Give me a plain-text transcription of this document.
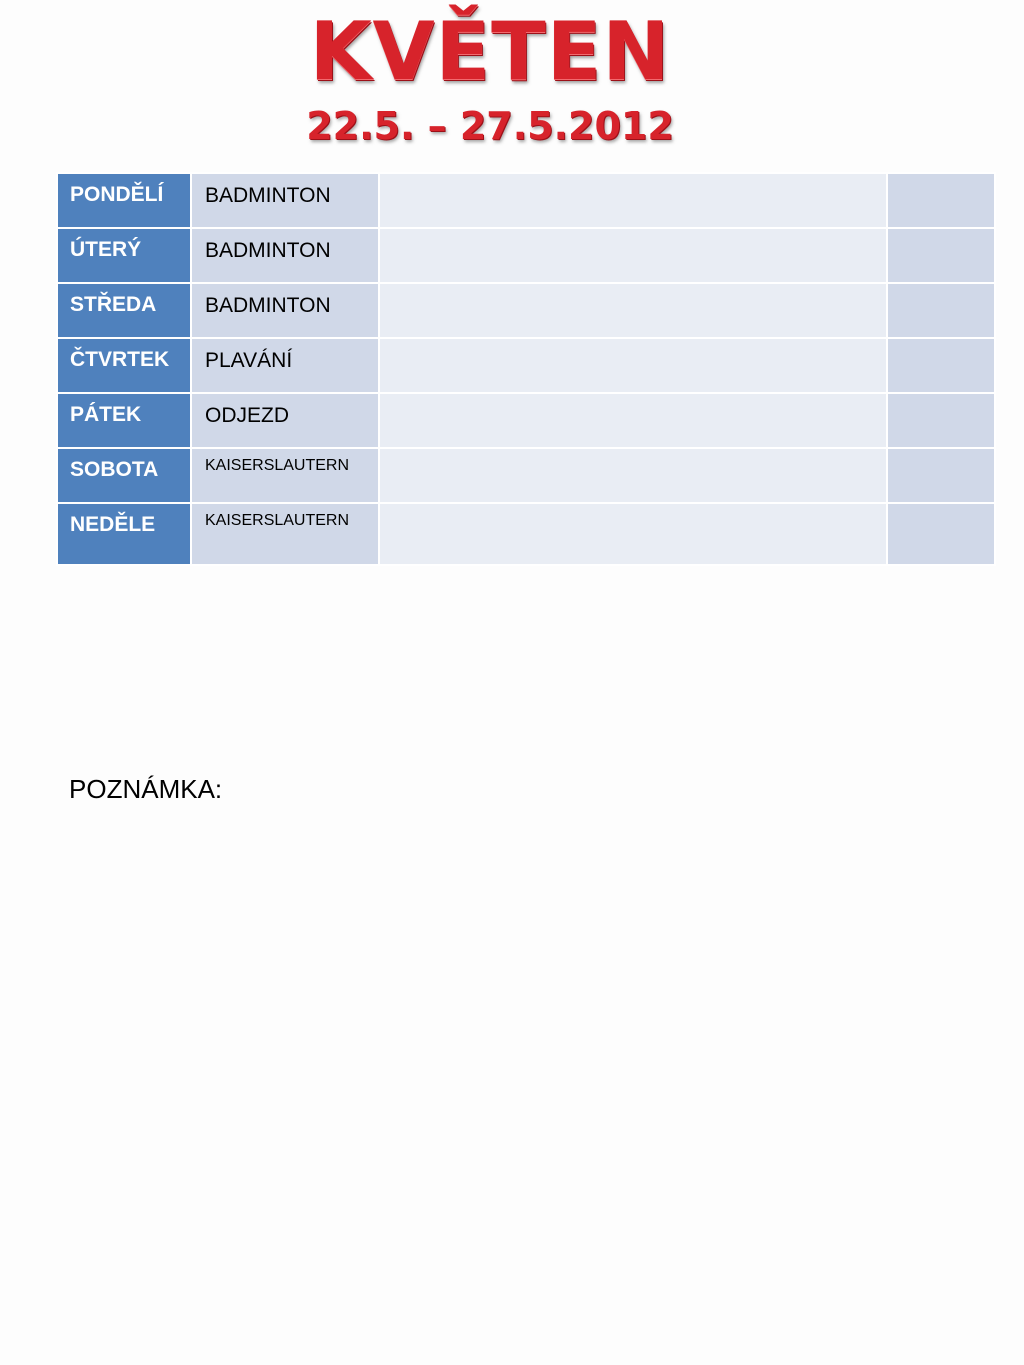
KVĚTEN
22.5. – 27.5.2012
PONDĚLÍ	BADMINTON		
ÚTERÝ	BADMINTON		
STŘEDA	BADMINTON		
ČTVRTEK	PLAVÁNÍ		
PÁTEK	ODJEZD		
SOBOTA	KAISERSLAUTERN		
NEDĚLE	KAISERSLAUTERN		
POZNÁMKA:
